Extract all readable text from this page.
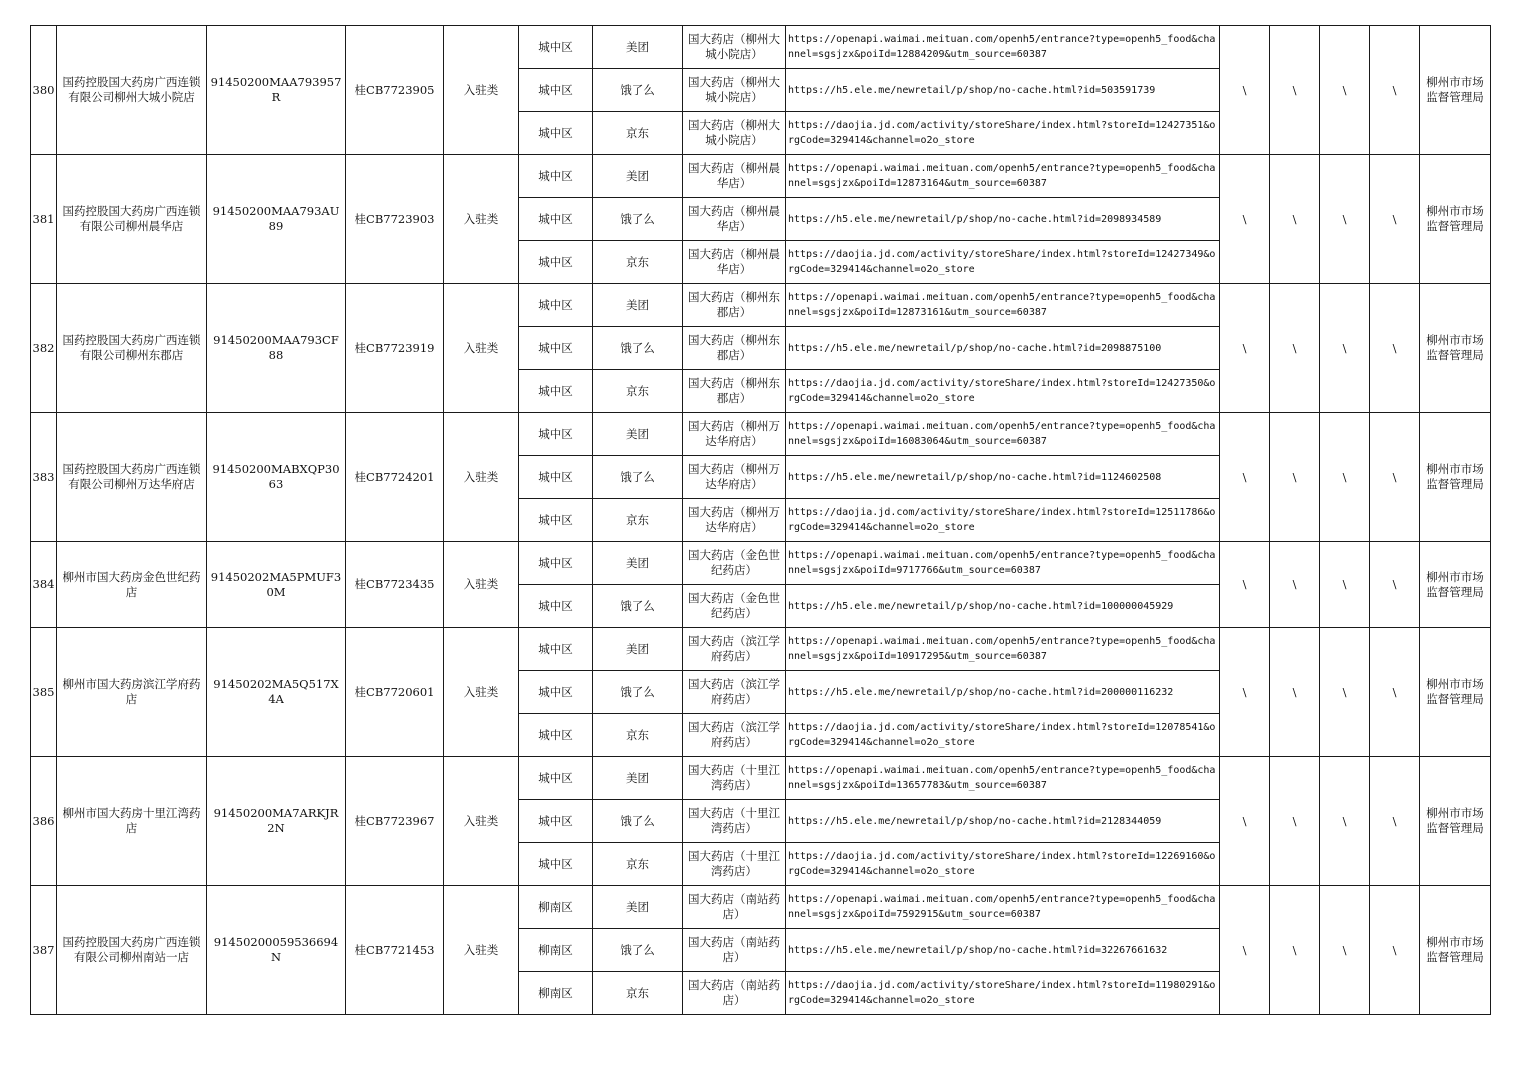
380	国药控股国大药房广西连锁有限公司柳州大城小院店	91450200MAA793957R	桂CB7723905	入驻类	城中区	美团	国大药店（柳州大城小院店）	https://openapi.waimai.meituan.com/openh5/entrance?type=openh5_food&channel=sgsjzx&poiId=12884209&utm_source=60387	\	\	\	\	柳州市市场监督管理局
					城中区	饿了么	国大药店（柳州大城小院店）	https://h5.ele.me/newretail/p/shop/no-cache.html?id=503591739					
					城中区	京东	国大药店（柳州大城小院店）	https://daojia.jd.com/activity/storeShare/index.html?storeId=12427351&orgCode=329414&channel=o2o_store					
381	国药控股国大药房广西连锁有限公司柳州晨华店	91450200MAA793AU89	桂CB7723903	入驻类	城中区	美团	国大药店（柳州晨华店）	https://openapi.waimai.meituan.com/openh5/entrance?type=openh5_food&channel=sgsjzx&poiId=12873164&utm_source=60387	\	\	\	\	柳州市市场监督管理局
					城中区	饿了么	国大药店（柳州晨华店）	https://h5.ele.me/newretail/p/shop/no-cache.html?id=2098934589					
					城中区	京东	国大药店（柳州晨华店）	https://daojia.jd.com/activity/storeShare/index.html?storeId=12427349&orgCode=329414&channel=o2o_store					
382	国药控股国大药房广西连锁有限公司柳州东郡店	91450200MAA793CF88	桂CB7723919	入驻类	城中区	美团	国大药店（柳州东郡店）	https://openapi.waimai.meituan.com/openh5/entrance?type=openh5_food&channel=sgsjzx&poiId=12873161&utm_source=60387	\	\	\	\	柳州市市场监督管理局
					城中区	饿了么	国大药店（柳州东郡店）	https://h5.ele.me/newretail/p/shop/no-cache.html?id=2098875100					
					城中区	京东	国大药店（柳州东郡店）	https://daojia.jd.com/activity/storeShare/index.html?storeId=12427350&orgCode=329414&channel=o2o_store					
383	国药控股国大药房广西连锁有限公司柳州万达华府店	91450200MABXQP3063	桂CB7724201	入驻类	城中区	美团	国大药店（柳州万达华府店）	https://openapi.waimai.meituan.com/openh5/entrance?type=openh5_food&channel=sgsjzx&poiId=16083064&utm_source=60387	\	\	\	\	柳州市市场监督管理局
					城中区	饿了么	国大药店（柳州万达华府店）	https://h5.ele.me/newretail/p/shop/no-cache.html?id=1124602508					
					城中区	京东	国大药店（柳州万达华府店）	https://daojia.jd.com/activity/storeShare/index.html?storeId=12511786&orgCode=329414&channel=o2o_store					
384	柳州市国大药房金色世纪药店	91450202MA5PMUF30M	桂CB7723435	入驻类	城中区	美团	国大药店（金色世纪药店）	https://openapi.waimai.meituan.com/openh5/entrance?type=openh5_food&channel=sgsjzx&poiId=9717766&utm_source=60387	\	\	\	\	柳州市市场监督管理局
					城中区	饿了么	国大药店（金色世纪药店）	https://h5.ele.me/newretail/p/shop/no-cache.html?id=100000045929					
385	柳州市国大药房滨江学府药店	91450202MA5Q517X4A	桂CB7720601	入驻类	城中区	美团	国大药店（滨江学府药店）	https://openapi.waimai.meituan.com/openh5/entrance?type=openh5_food&channel=sgsjzx&poiId=10917295&utm_source=60387	\	\	\	\	柳州市市场监督管理局
					城中区	饿了么	国大药店（滨江学府药店）	https://h5.ele.me/newretail/p/shop/no-cache.html?id=200000116232					
					城中区	京东	国大药店（滨江学府药店）	https://daojia.jd.com/activity/storeShare/index.html?storeId=12078541&orgCode=329414&channel=o2o_store					
386	柳州市国大药房十里江湾药店	91450200MA7ARKJR2N	桂CB7723967	入驻类	城中区	美团	国大药店（十里江湾药店）	https://openapi.waimai.meituan.com/openh5/entrance?type=openh5_food&channel=sgsjzx&poiId=13657783&utm_source=60387	\	\	\	\	柳州市市场监督管理局
					城中区	饿了么	国大药店（十里江湾药店）	https://h5.ele.me/newretail/p/shop/no-cache.html?id=2128344059					
					城中区	京东	国大药店（十里江湾药店）	https://daojia.jd.com/activity/storeShare/index.html?storeId=12269160&orgCode=329414&channel=o2o_store					
387	国药控股国大药房广西连锁有限公司柳州南站一店	91450200059536694N	桂CB7721453	入驻类	柳南区	美团	国大药店（南站药店）	https://openapi.waimai.meituan.com/openh5/entrance?type=openh5_food&channel=sgsjzx&poiId=7592915&utm_source=60387	\	\	\	\	柳州市市场监督管理局
					柳南区	饿了么	国大药店（南站药店）	https://h5.ele.me/newretail/p/shop/no-cache.html?id=32267661632					
					柳南区	京东	国大药店（南站药店）	https://daojia.jd.com/activity/storeShare/index.html?storeId=11980291&orgCode=329414&channel=o2o_store					
